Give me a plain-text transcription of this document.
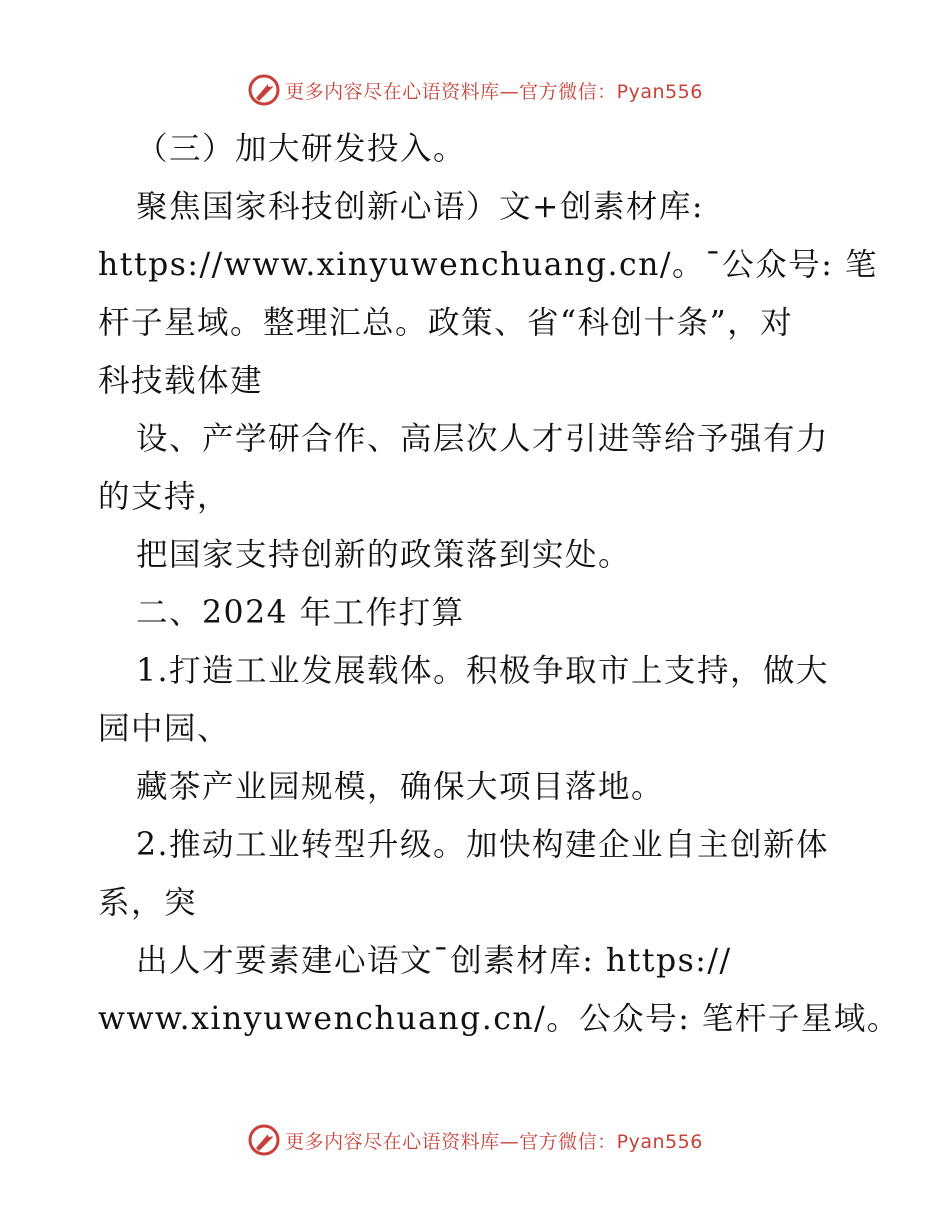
更多内容尽在心语资料库—官方微信：Pyan556
（三）加大研发投入。
聚焦国家科技创新心语）文+创素材库:
https://www.xinyuwenchuang.cn/。¯公众号: 笔
杆子星域。整理汇总。政策、省“科创十条”，对
科技载体建
设、产学研合作、高层次人才引进等给予强有力
的支持，
把国家支持创新的政策落到实处。
二、2024 年工作打算
1.打造工业发展载体。积极争取市上支持，做大
园中园、
藏茶产业园规模，确保大项目落地。
2.推动工业转型升级。加快构建企业自主创新体
系，突
出人才要素建心语文¯创素材库: https://
www.xinyuwenchuang.cn/。公众号: 笔杆子星域。
更多内容尽在心语资料库—官方微信：Pyan556
